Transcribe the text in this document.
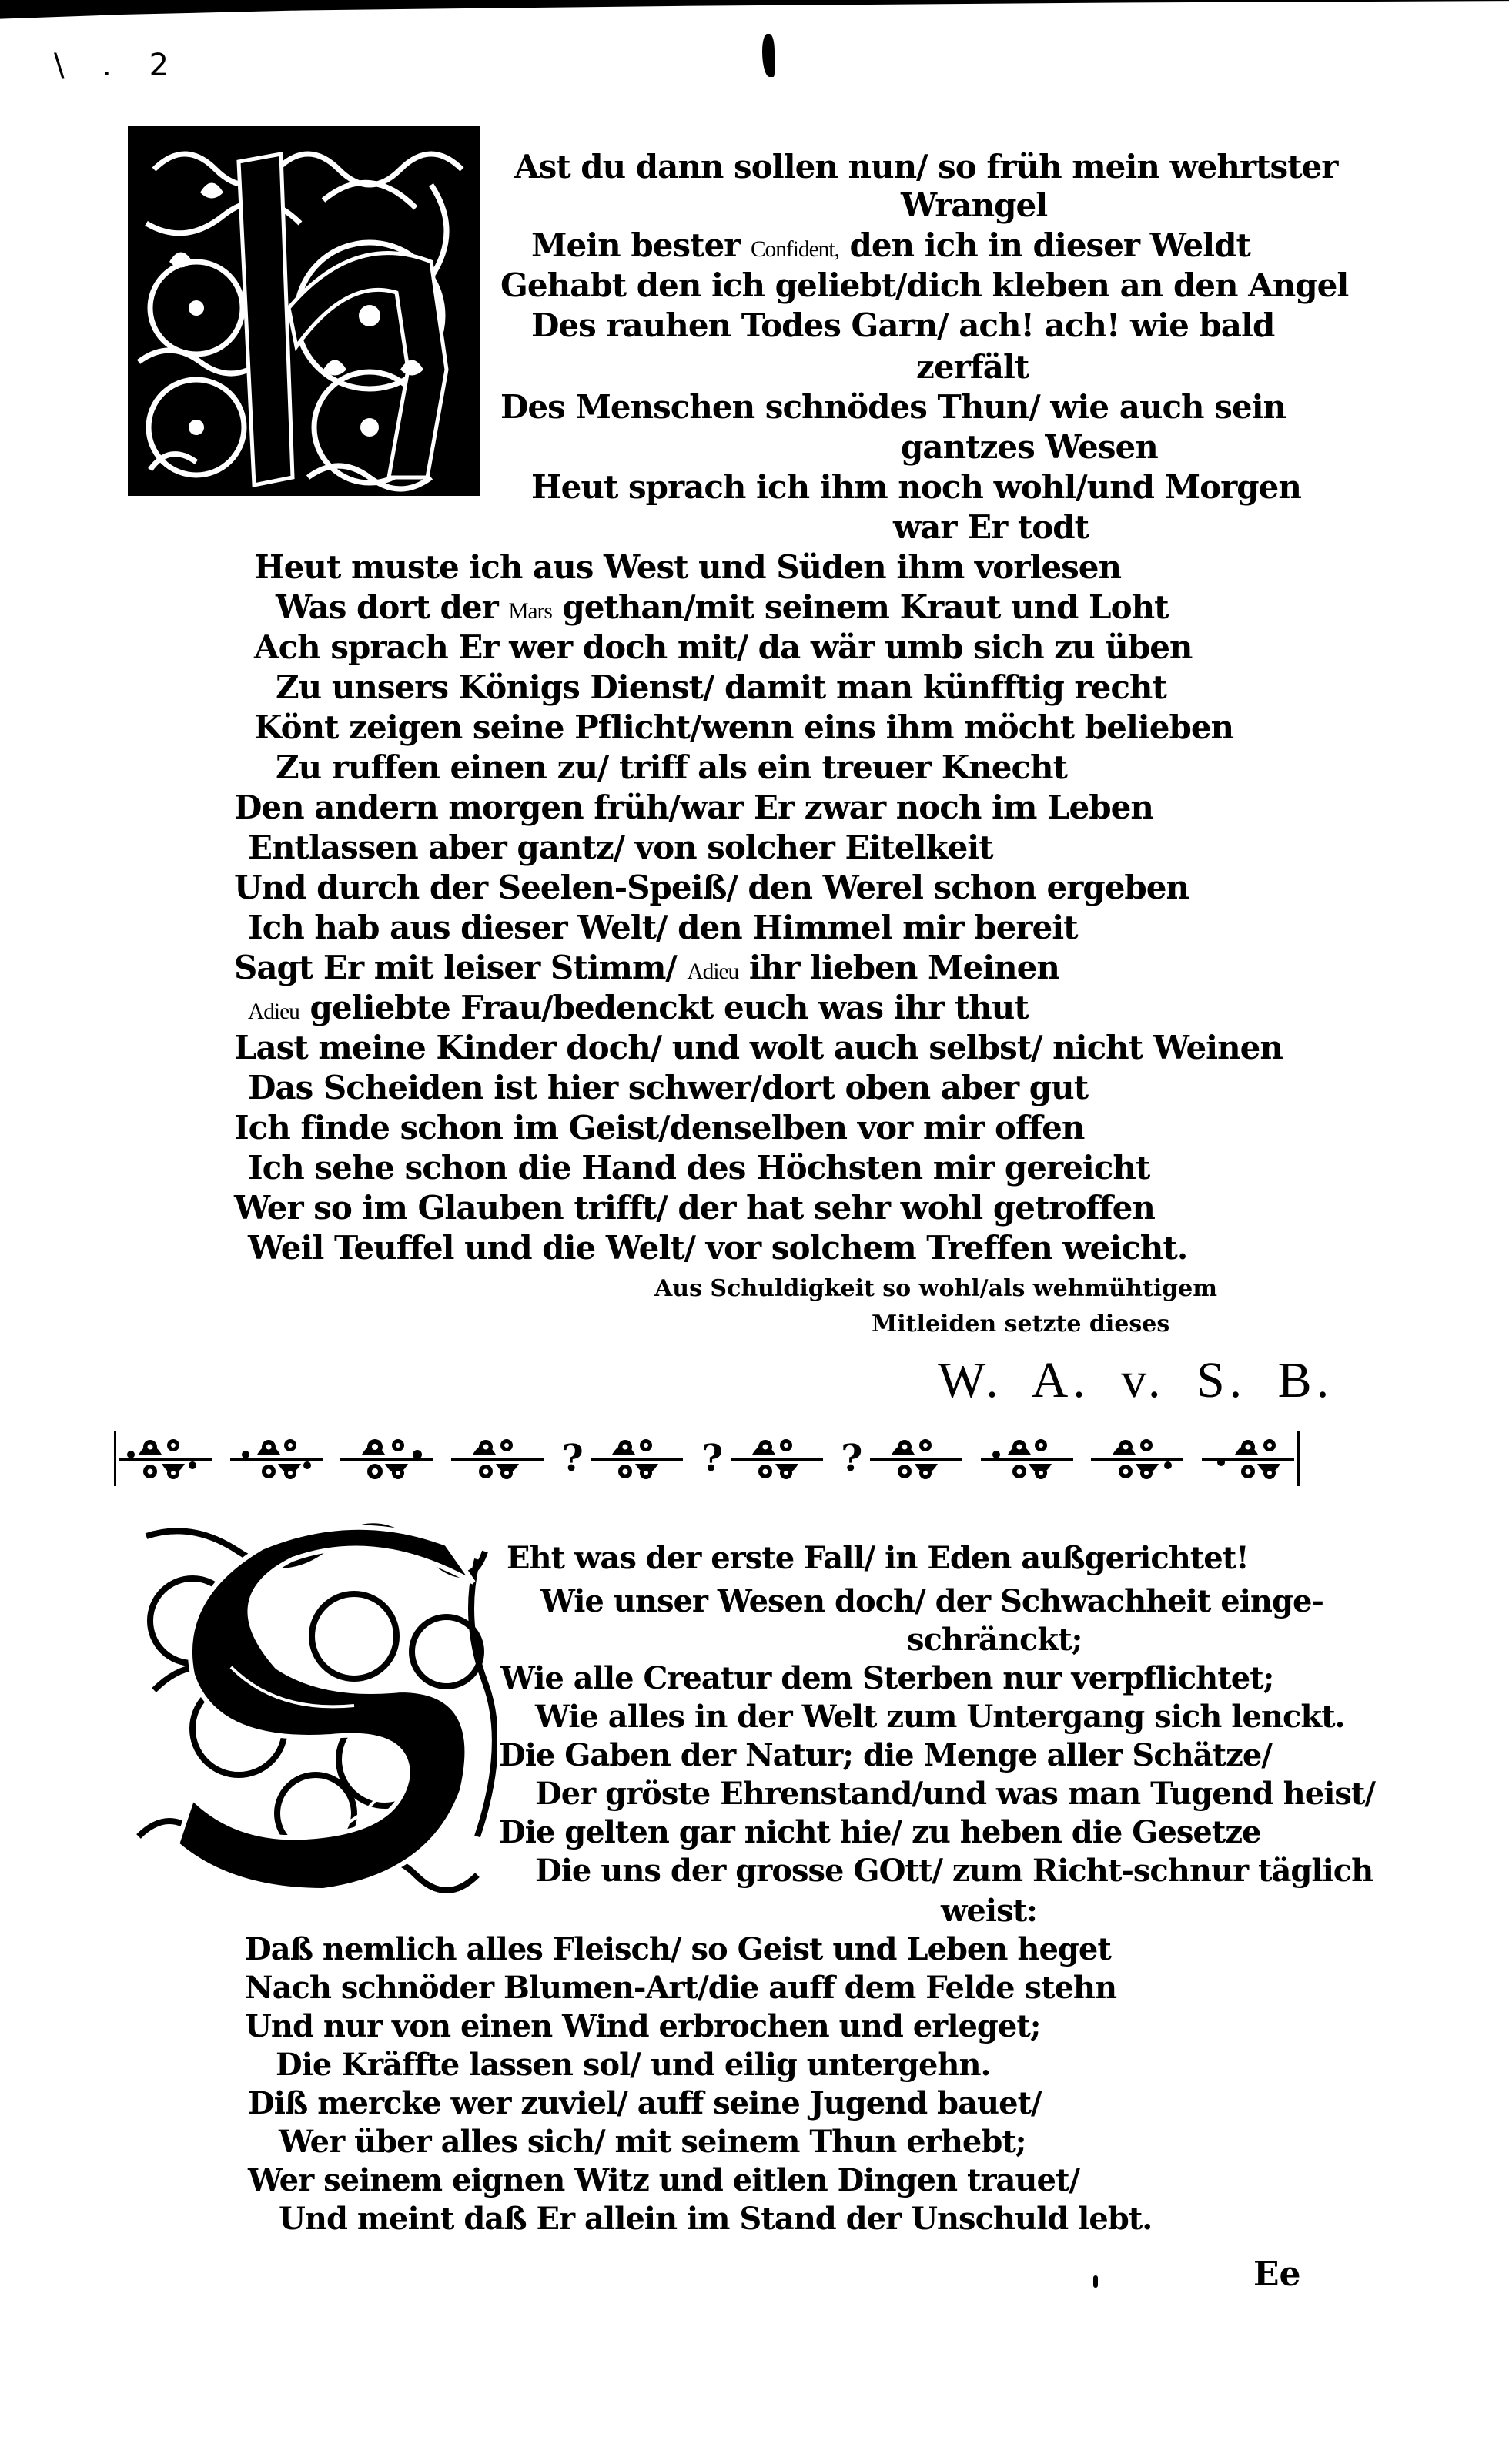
\ . 2
Ast du dann sollen nun/ so früh mein wehrtster
Wrangel
Mein bester Confident, den ich in dieser Weldt
Gehabt den ich geliebt/dich kleben an den Angel
Des rauhen Todes Garn/ ach! ach! wie bald
zerfält
Des Menschen schnödes Thun/ wie auch sein
gantzes Wesen
Heut sprach ich ihm noch wohl/und Morgen
war Er todt
Heut muste ich aus West und Süden ihm vorlesen
Was dort der Mars gethan/mit seinem Kraut und Loht
Ach sprach Er wer doch mit/ da wär umb sich zu üben
Zu unsers Königs Dienst/ damit man künfftig recht
Könt zeigen seine Pflicht/wenn eins ihm möcht belieben
Zu ruffen einen zu/ triff als ein treuer Knecht
Den andern morgen früh/war Er zwar noch im Leben
Entlassen aber gantz/ von solcher Eitelkeit
Und durch der Seelen-Speiß/ den Werel schon ergeben
Ich hab aus dieser Welt/ den Himmel mir bereit
Sagt Er mit leiser Stimm/ Adieu ihr lieben Meinen
Adieu geliebte Frau/bedenckt euch was ihr thut
Last meine Kinder doch/ und wolt auch selbst/ nicht Weinen
Das Scheiden ist hier schwer/dort oben aber gut
Ich finde schon im Geist/denselben vor mir offen
Ich sehe schon die Hand des Höchsten mir gereicht
Wer so im Glauben trifft/ der hat sehr wohl getroffen
Weil Teuffel und die Welt/ vor solchem Treffen weicht.
Aus Schuldigkeit so wohl/als wehmühtigem
Mitleiden setzte dieses
W. A. v. S. B.
?	?	?
Eht was der erste Fall/ in Eden außgerichtet!
Wie unser Wesen doch/ der Schwachheit einge-
schränckt;
Wie alle Creatur dem Sterben nur verpflichtet;
Wie alles in der Welt zum Untergang sich lenckt.
Die Gaben der Natur; die Menge aller Schätze/
Der gröste Ehrenstand/und was man Tugend heist/
Die gelten gar nicht hie/ zu heben die Gesetze
Die uns der grosse GOtt/ zum Richt-schnur täglich
weist:
Daß nemlich alles Fleisch/ so Geist und Leben heget
Nach schnöder Blumen-Art/die auff dem Felde stehn
Und nur von einen Wind erbrochen und erleget;
Die Kräffte lassen sol/ und eilig untergehn.
Diß mercke wer zuviel/ auff seine Jugend bauet/
Wer über alles sich/ mit seinem Thun erhebt;
Wer seinem eignen Witz und eitlen Dingen trauet/
Und meint daß Er allein im Stand der Unschuld lebt.
Ee
